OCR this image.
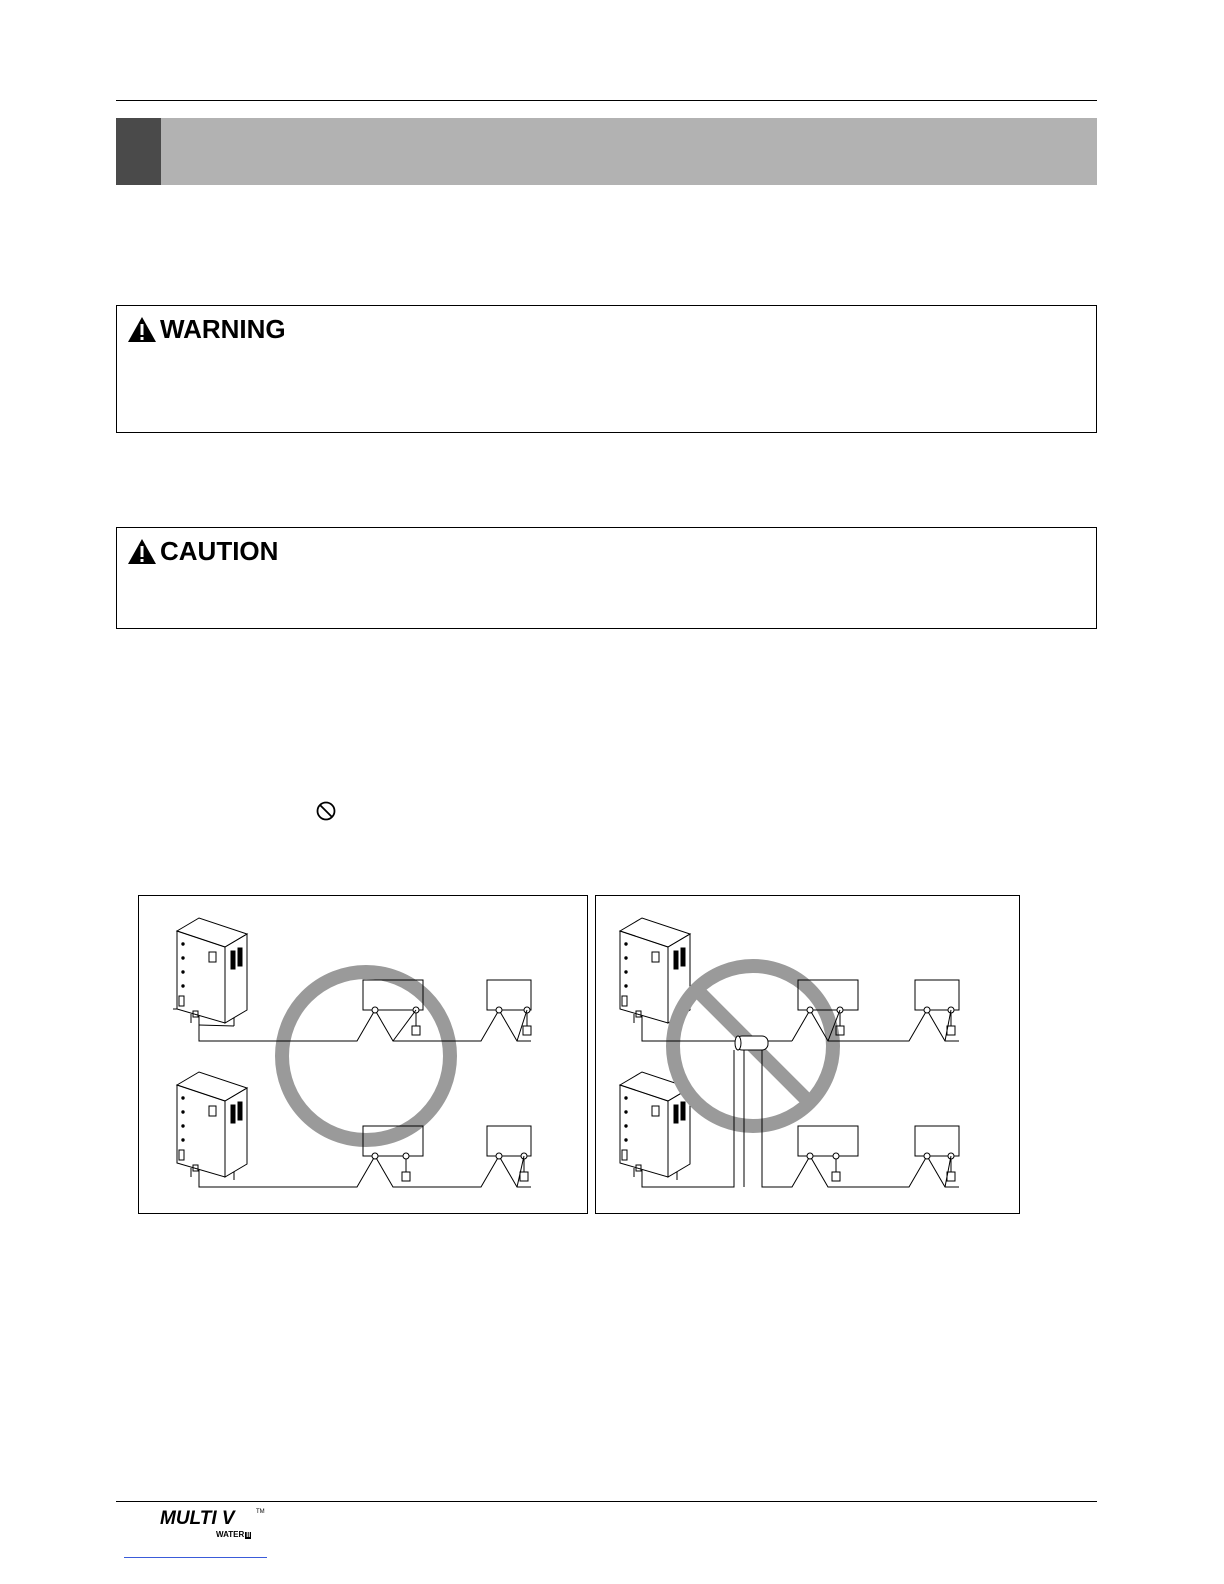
WARNING
CAUTION
MULTI V	TM
WATER II
